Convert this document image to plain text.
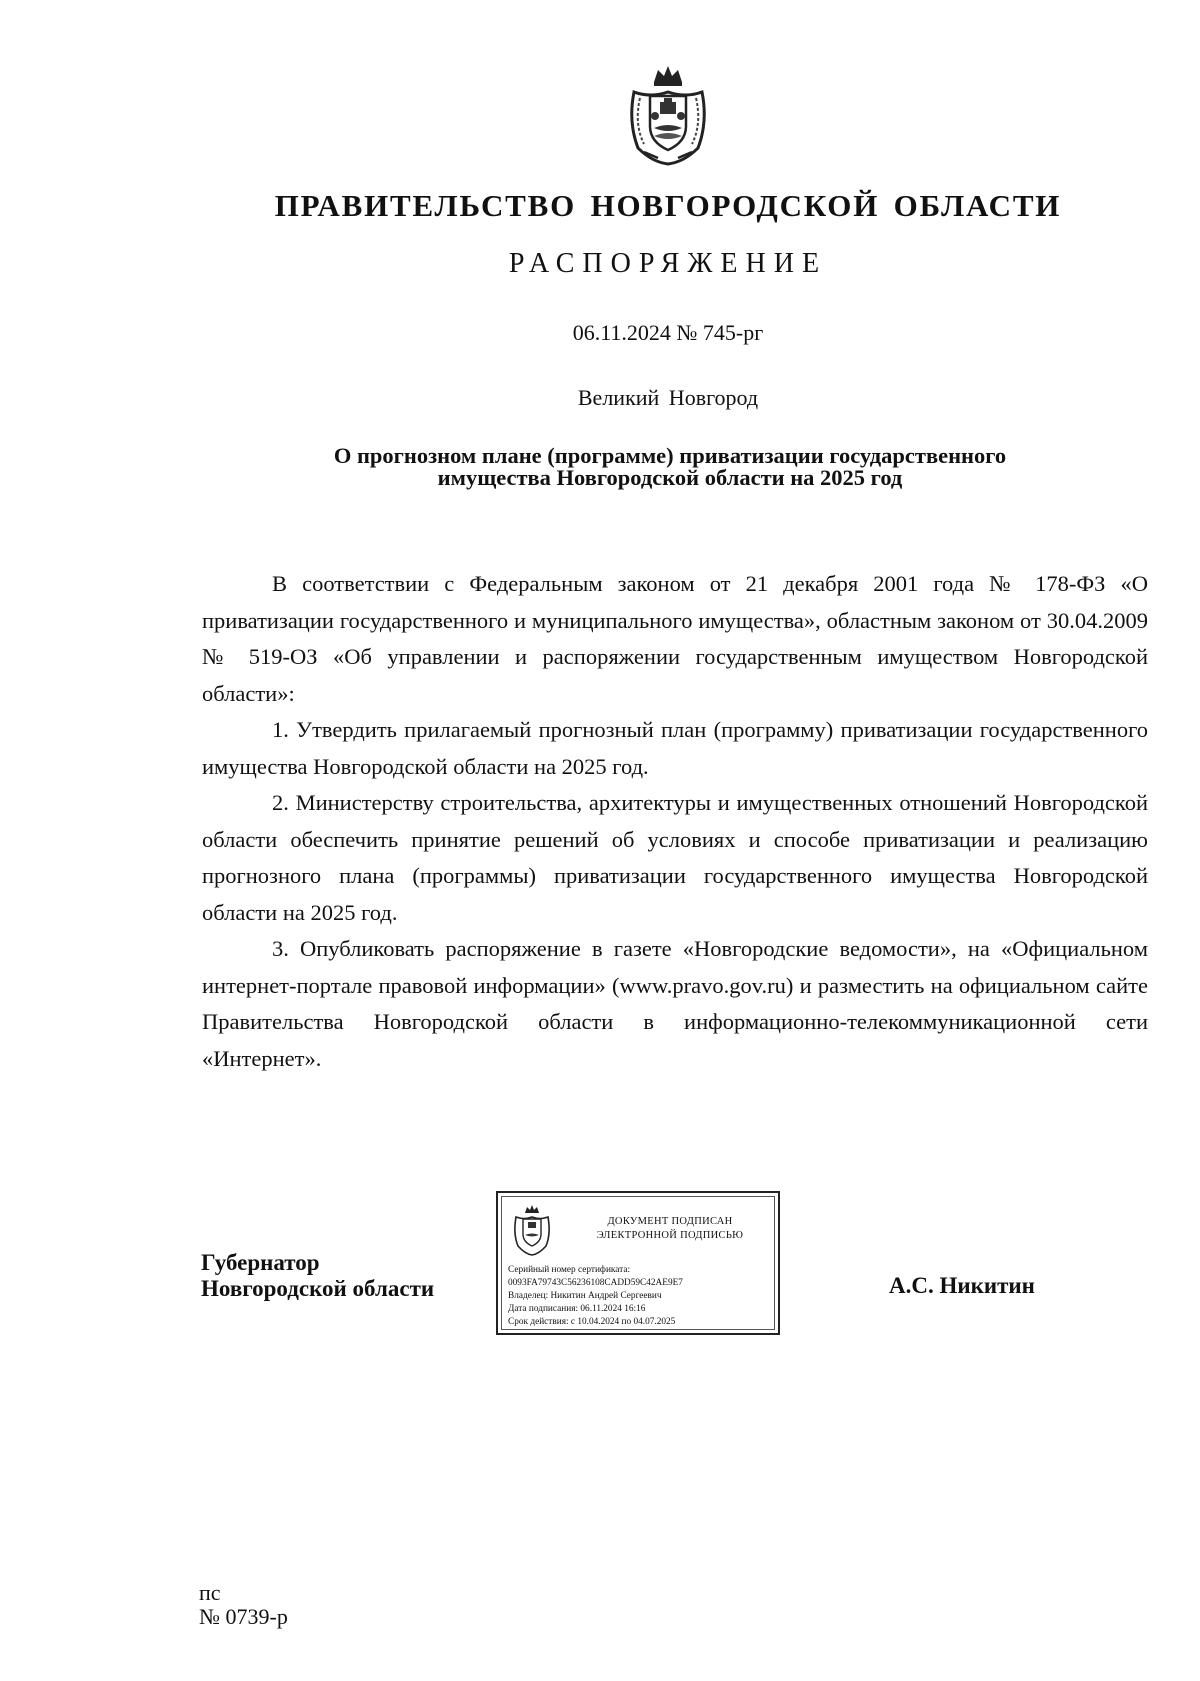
ПРАВИТЕЛЬСТВО НОВГОРОДСКОЙ ОБЛАСТИ
РАСПОРЯЖЕНИЕ
06.11.2024 № 745-рг
Великий Новгород
О прогнозном плане (программе) приватизации государственного
имущества Новгородской области на 2025 год

В соответствии с Федеральным законом от 21 декабря 2001 года № 178-ФЗ «О приватизации государственного и муниципального имущества», областным законом от 30.04.2009 № 519-ОЗ «Об управлении и распоряжении государственным имуществом Новгородской области»:

1. Утвердить прилагаемый прогнозный план (программу) приватизации государственного имущества Новгородской области на 2025 год.

2. Министерству строительства, архитектуры и имущественных отношений Новгородской области обеспечить принятие решений об условиях и способе приватизации и реализацию прогнозного плана (программы) приватизации государственного имущества Новгородской области на 2025 год.

3. Опубликовать распоряжение в газете «Новгородские ведомости», на «Официальном интернет-портале правовой информации» (www.pravo.gov.ru) и разместить на официальном сайте Правительства Новгородской области в информационно-телекоммуникационной сети «Интернет».

Губернатор
Новгородской области
ДОКУМЕНТ ПОДПИСАН
ЭЛЕКТРОННОЙ ПОДПИСЬЮ
Серийный номер сертификата:
0093FA79743C56236108CADD59C42AE9E7
Владелец: Никитин Андрей Сергеевич
Дата подписания: 06.11.2024 16:16
Срок действия: с 10.04.2024 по 04.07.2025
А.С. Никитин
пс
№ 0739-р
